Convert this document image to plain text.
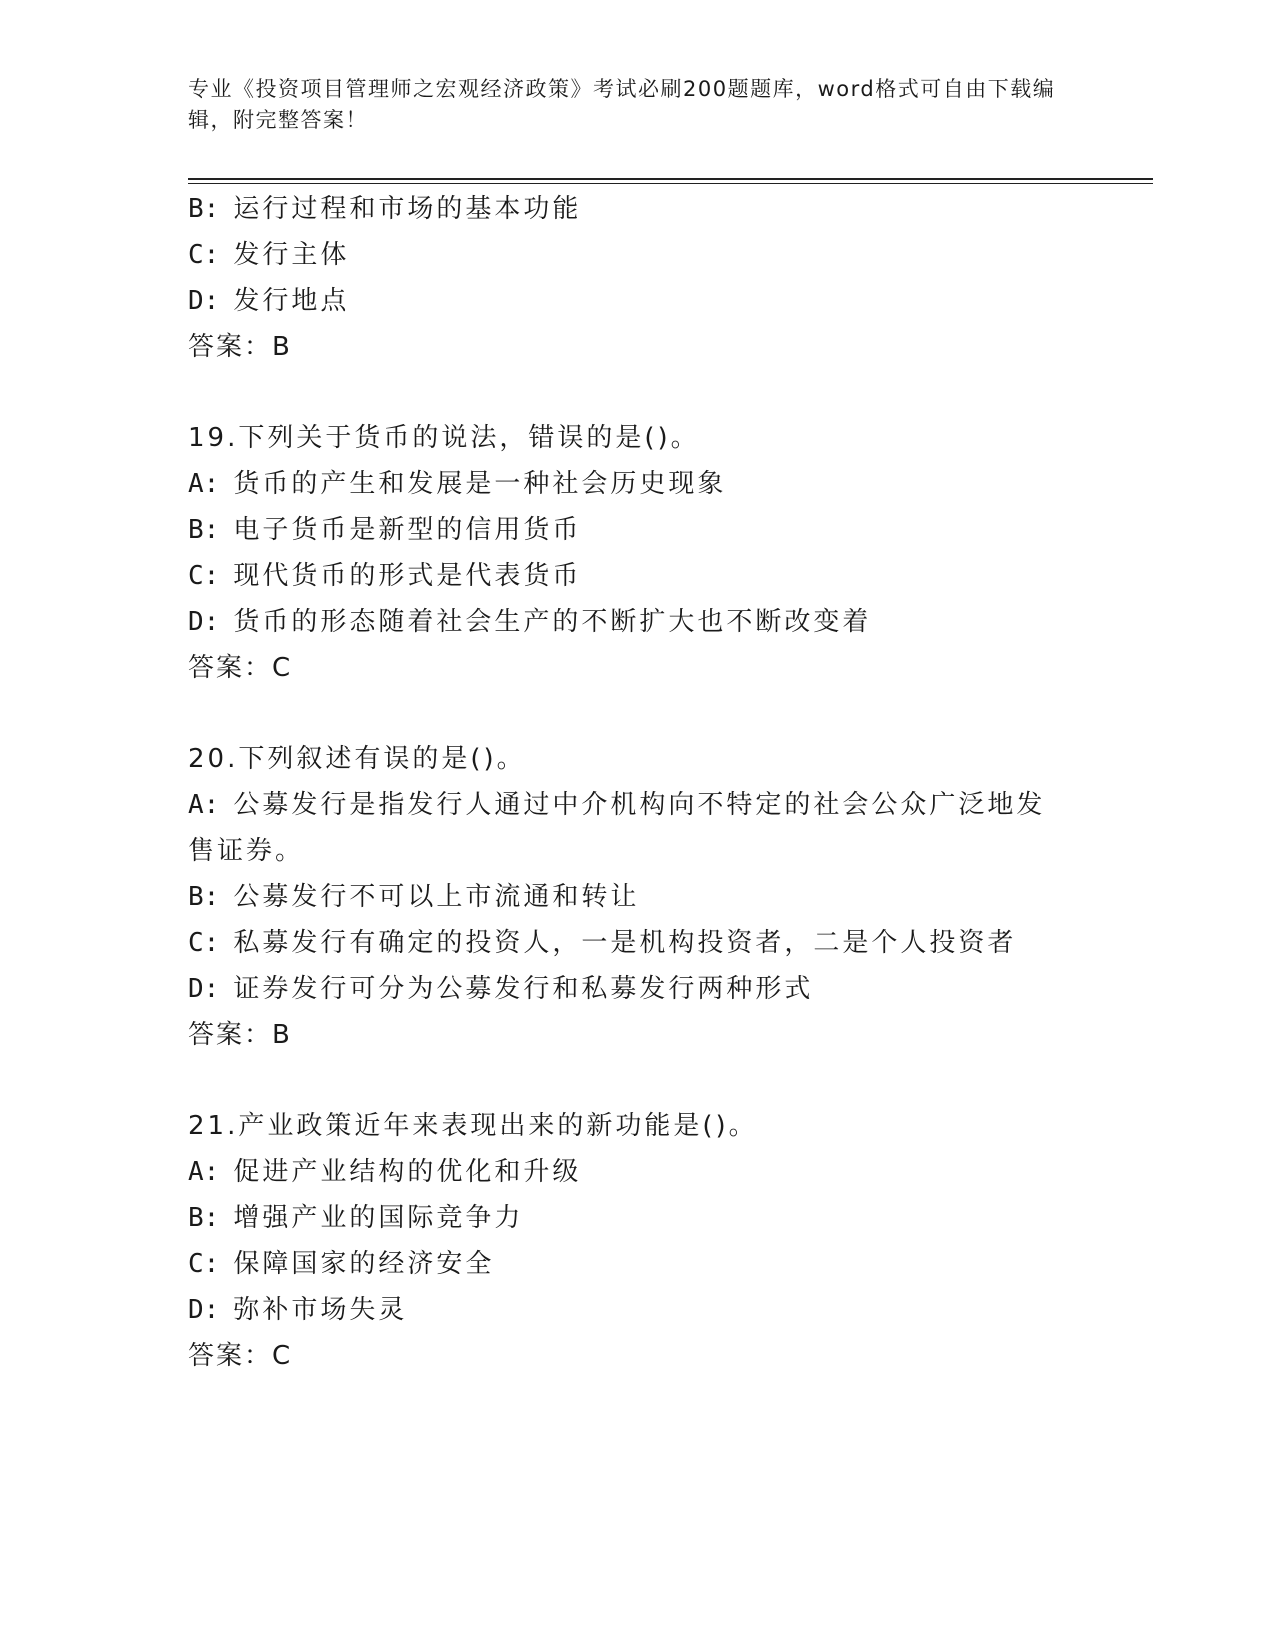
专业《投资项目管理师之宏观经济政策》考试必刷200题题库，word格式可自由下载编辑，附完整答案！
B: 运行过程和市场的基本功能
C: 发行主体
D: 发行地点
答案：B
19.下列关于货币的说法，错误的是()。
A: 货币的产生和发展是一种社会历史现象
B: 电子货币是新型的信用货币
C: 现代货币的形式是代表货币
D: 货币的形态随着社会生产的不断扩大也不断改变着
答案：C
20.下列叙述有误的是()。
A: 公募发行是指发行人通过中介机构向不特定的社会公众广泛地发售证券。
B: 公募发行不可以上市流通和转让
C: 私募发行有确定的投资人，一是机构投资者，二是个人投资者
D: 证券发行可分为公募发行和私募发行两种形式
答案：B
21.产业政策近年来表现出来的新功能是()。
A: 促进产业结构的优化和升级
B: 增强产业的国际竞争力
C: 保障国家的经济安全
D: 弥补市场失灵
答案：C
